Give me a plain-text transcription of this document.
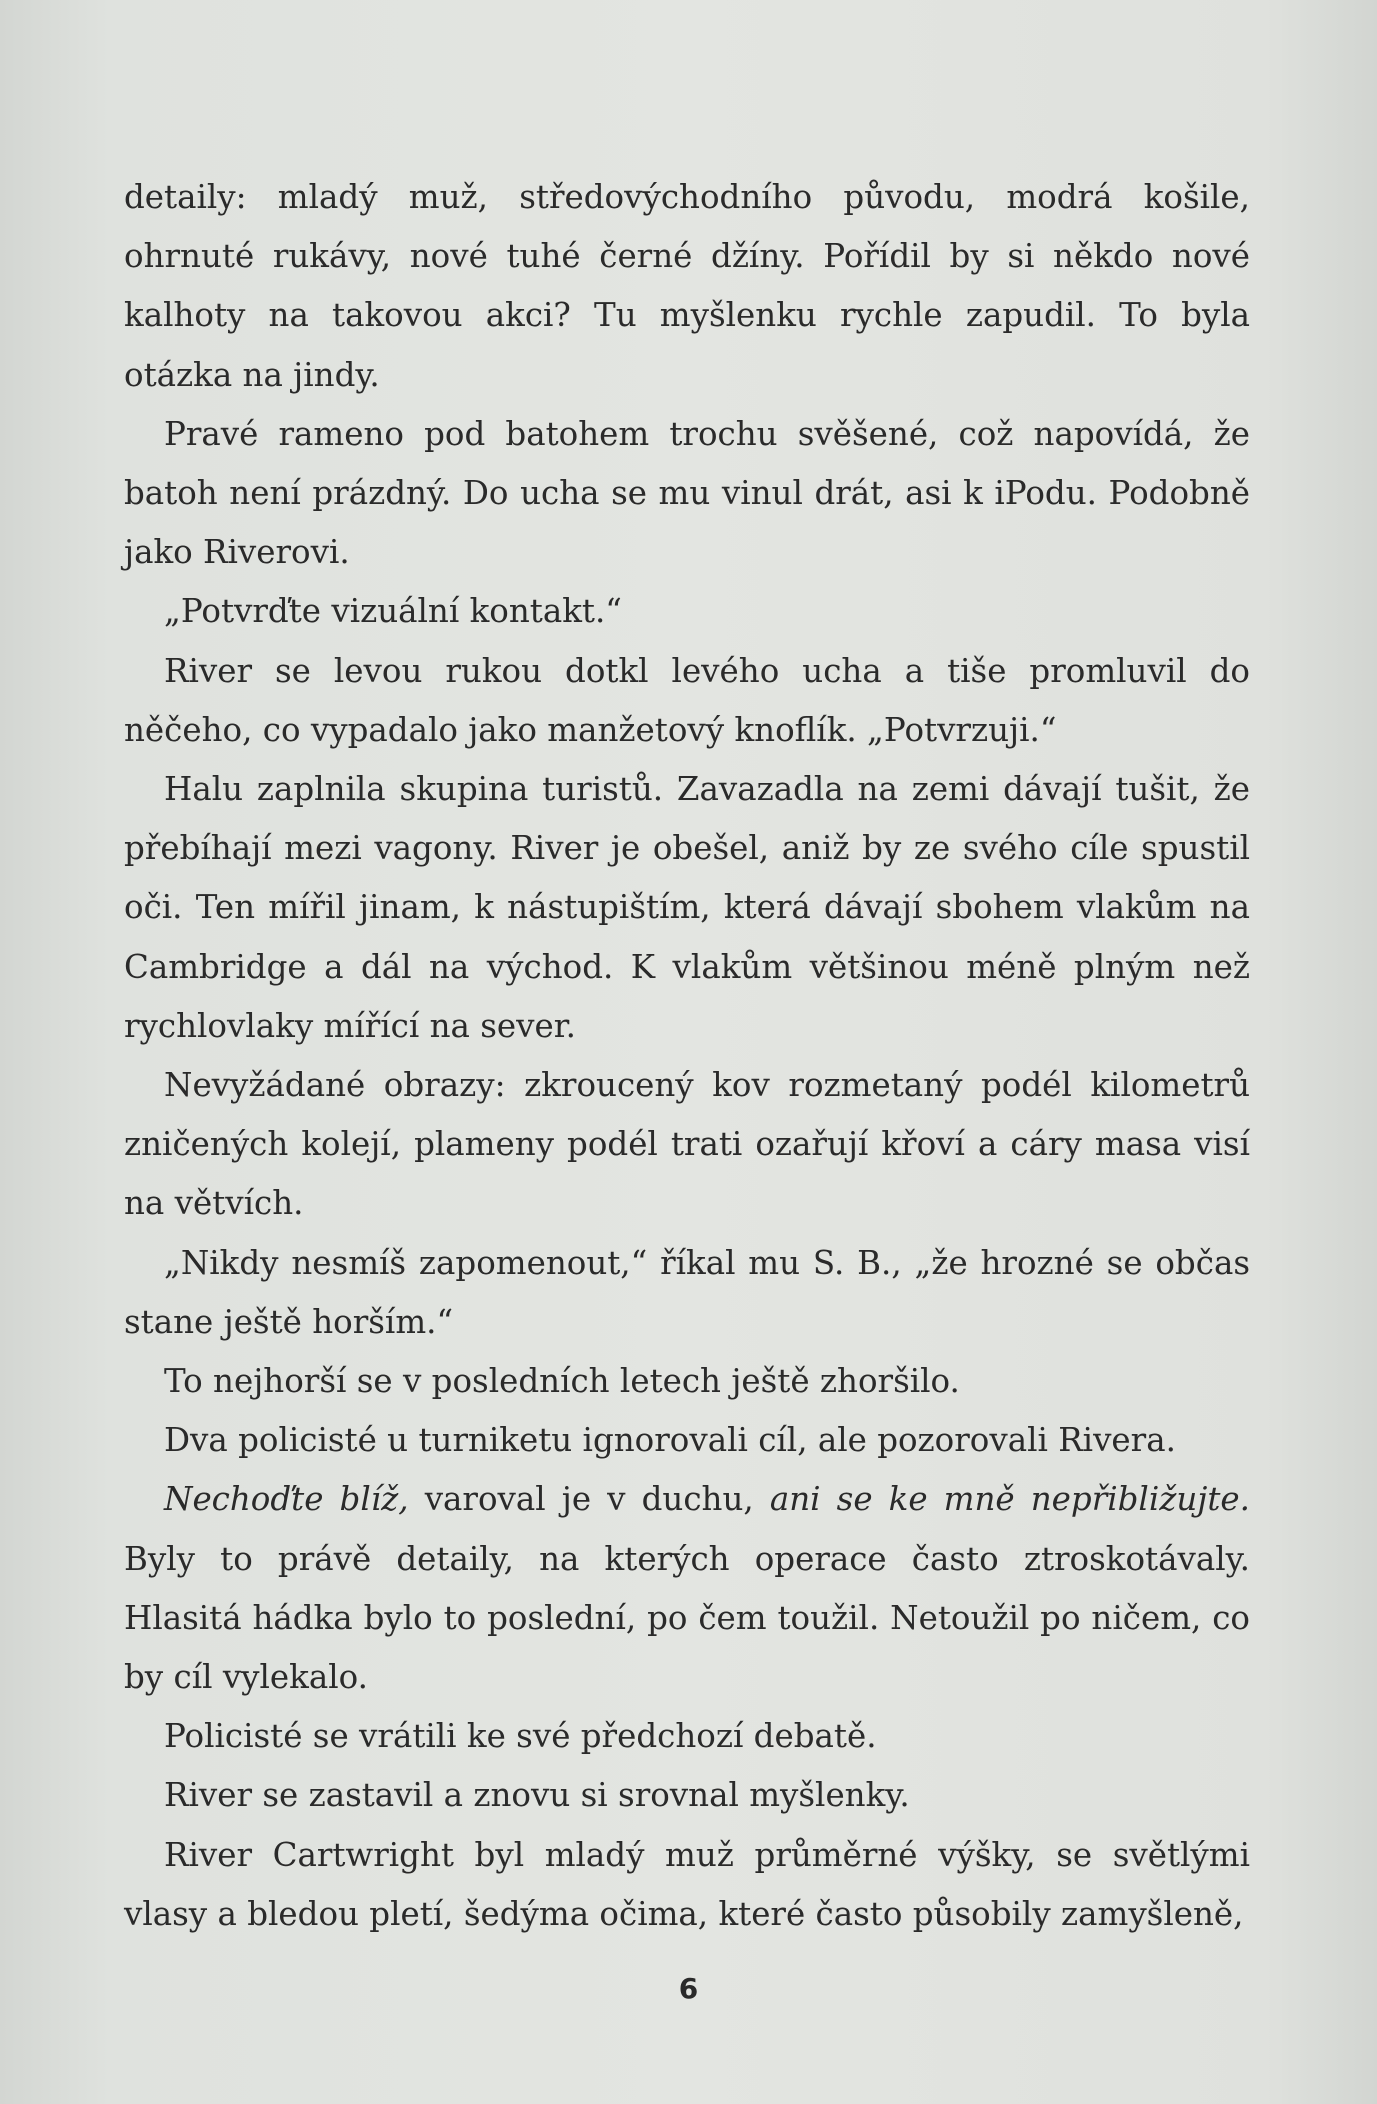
detaily: mladý muž, středovýchodního původu, modrá košile, ohrnuté rukávy, nové tuhé černé džíny. Pořídil by si někdo nové kalhoty na takovou akci? Tu myšlenku rychle zapudil. To byla otázka na jindy.

Pravé rameno pod batohem trochu svěšené, což napovídá, že batoh není prázdný. Do ucha se mu vinul drát, asi k iPodu. Podobně jako Riverovi.

„Potvrďte vizuální kontakt.“

River se levou rukou dotkl levého ucha a tiše promluvil do něčeho, co vypadalo jako manžetový knoflík. „Potvrzuji.“

Halu zaplnila skupina turistů. Zavazadla na zemi dávají tušit, že přebíhají mezi vagony. River je obešel, aniž by ze svého cíle spustil oči. Ten mířil jinam, k nástupištím, která dávají sbohem vlakům na Cambridge a dál na východ. K vlakům většinou méně plným než rychlovlaky mířící na sever.

Nevyžádané obrazy: zkroucený kov rozmetaný podél kilometrů zničených kolejí, plameny podél trati ozařují křoví a cáry masa visí na větvích.

„Nikdy nesmíš zapomenout,“ říkal mu S. B., „že hrozné se občas stane ještě horším.“

To nejhorší se v posledních letech ještě zhoršilo.

Dva policisté u turniketu ignorovali cíl, ale pozorovali Rivera.

Nechoďte blíž, varoval je v duchu, ani se ke mně nepřibližujte. Byly to právě detaily, na kterých operace často ztroskotávaly. Hlasitá hádka bylo to poslední, po čem toužil. Netoužil po ničem, co by cíl vylekalo.

Policisté se vrátili ke své předchozí debatě.

River se zastavil a znovu si srovnal myšlenky.

River Cartwright byl mladý muž průměrné výšky, se světlými vlasy a bledou pletí, šedýma očima, které často působily zamyšleně,

6
